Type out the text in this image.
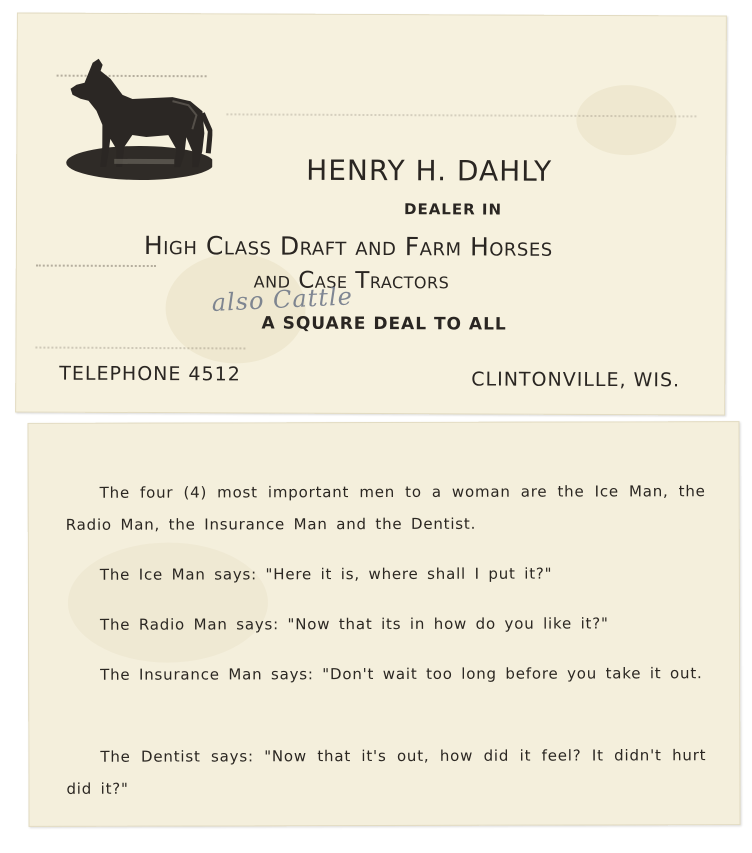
HENRY H. DAHLY
DEALER IN
High Class Draft and Farm Horses
and Case Tractors
also Cattle
A SQUARE DEAL TO ALL
TELEPHONE 4512	CLINTONVILLE, WIS.
The four (4) most important men to a woman are the Ice Man, the Radio Man, the Insurance Man and the Dentist.
The Ice Man says: "Here it is, where shall I put it?"
The Radio Man says: "Now that its in how do you like it?"
The Insurance Man says: "Don't wait too long before you take it out.
The Dentist says: "Now that it's out, how did it feel? It didn't hurt did it?"
